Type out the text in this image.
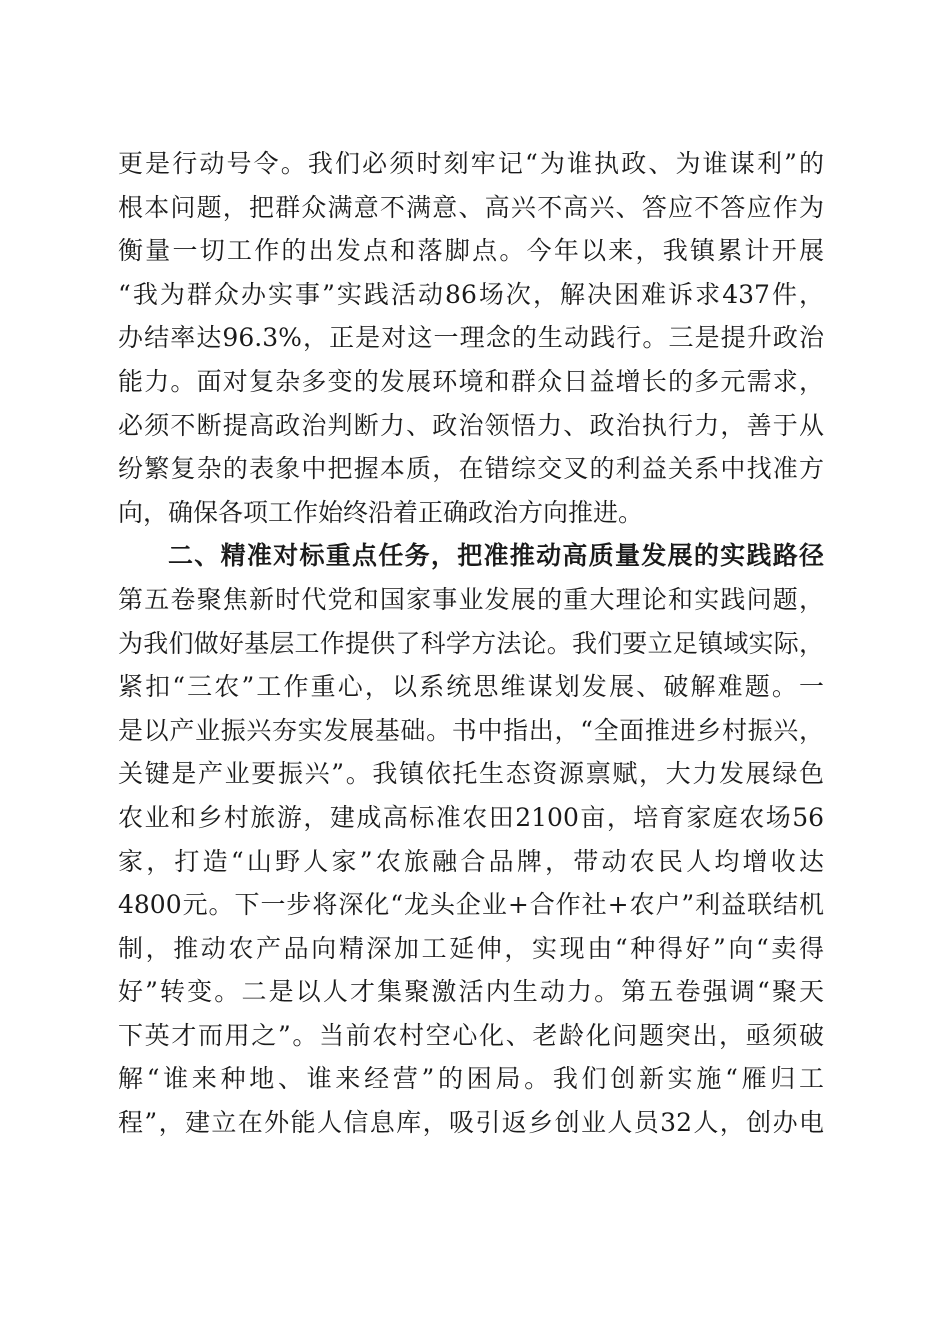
更是行动号令。我们必须时刻牢记“为谁执政、为谁谋利”的
根本问题，把群众满意不满意、高兴不高兴、答应不答应作为
衡量一切工作的出发点和落脚点。今年以来，我镇累计开展
“我为群众办实事”实践活动86场次，解决困难诉求437件，
办结率达96.3%，正是对这一理念的生动践行。三是提升政治
能力。面对复杂多变的发展环境和群众日益增长的多元需求，
必须不断提高政治判断力、政治领悟力、政治执行力，善于从
纷繁复杂的表象中把握本质，在错综交叉的利益关系中找准方
向，确保各项工作始终沿着正确政治方向推进。
二、精准对标重点任务，把准推动高质量发展的实践路径
第五卷聚焦新时代党和国家事业发展的重大理论和实践问题，
为我们做好基层工作提供了科学方法论。我们要立足镇域实际，
紧扣“三农”工作重心，以系统思维谋划发展、破解难题。一
是以产业振兴夯实发展基础。书中指出，“全面推进乡村振兴，
关键是产业要振兴”。我镇依托生态资源禀赋，大力发展绿色
农业和乡村旅游，建成高标准农田2100亩，培育家庭农场56
家，打造“山野人家”农旅融合品牌，带动农民人均增收达
4800元。下一步将深化“龙头企业+合作社+农户”利益联结机
制，推动农产品向精深加工延伸，实现由“种得好”向“卖得
好”转变。二是以人才集聚激活内生动力。第五卷强调“聚天
下英才而用之”。当前农村空心化、老龄化问题突出，亟须破
解“谁来种地、谁来经营”的困局。我们创新实施“雁归工
程”，建立在外能人信息库，吸引返乡创业人员32人，创办电
